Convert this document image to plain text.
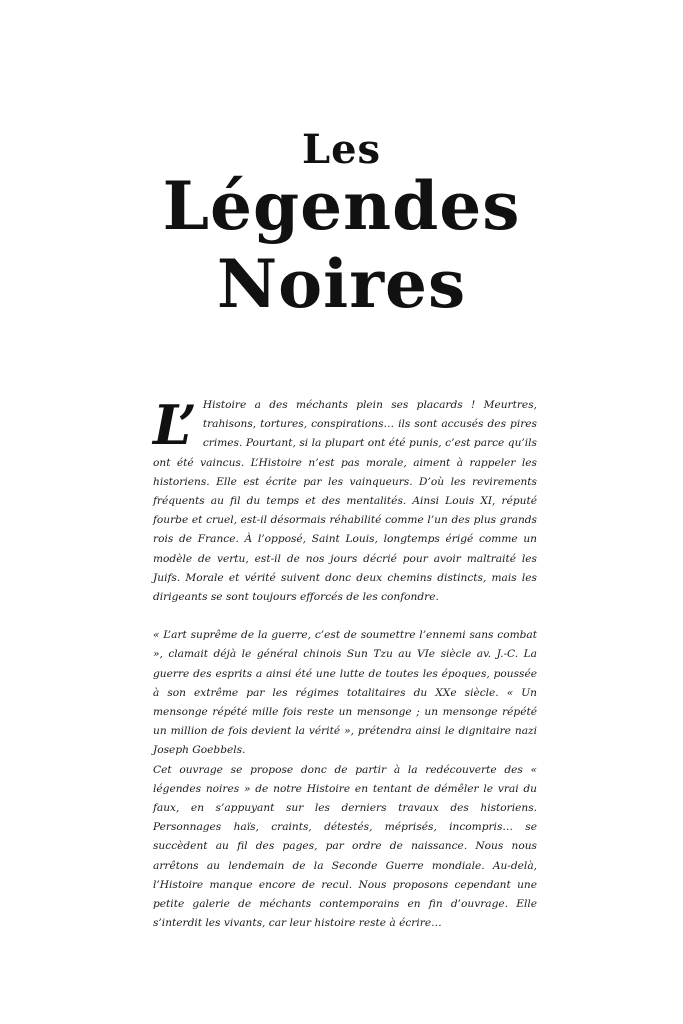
Les
Légendes
Noires

L’ Histoire a des méchants plein ses placards ! Meurtres, trahisons, tortures, conspirations… ils sont accusés des pires crimes. Pourtant, si la plupart ont été punis, c’est parce qu’ils ont été vaincus. L’Histoire n’est pas morale, aiment à rappeler les historiens. Elle est écrite par les vainqueurs. D’où les revirements fréquents au fil du temps et des mentalités. Ainsi Louis XI, réputé fourbe et cruel, est-il désormais réhabilité comme l’un des plus grands rois de France. À l’opposé, Saint Louis, longtemps érigé comme un modèle de vertu, est-il de nos jours décrié pour avoir maltraité les Juifs. Morale et vérité suivent donc deux chemins distincts, mais les dirigeants se sont toujours efforcés de les confondre.

« L’art suprême de la guerre, c’est de soumettre l’ennemi sans combat », clamait déjà le général chinois Sun Tzu au VIe siècle av. J.-C. La guerre des esprits a ainsi été une lutte de toutes les époques, poussée à son extrême par les régimes totalitaires du XXe siècle. « Un mensonge répété mille fois reste un mensonge ; un mensonge répété un million de fois devient la vérité », prétendra ainsi le dignitaire nazi Joseph Goebbels.

Cet ouvrage se propose donc de partir à la redécouverte des « légendes noires » de notre Histoire en tentant de démêler le vrai du faux, en s’appuyant sur les derniers travaux des historiens. Personnages haïs, craints, détestés, méprisés, incompris… se succèdent au fil des pages, par ordre de naissance. Nous nous arrêtons au lendemain de la Seconde Guerre mondiale. Au-delà, l’Histoire manque encore de recul. Nous proposons cependant une petite galerie de méchants contemporains en fin d’ouvrage. Elle s’interdit les vivants, car leur histoire reste à écrire…
